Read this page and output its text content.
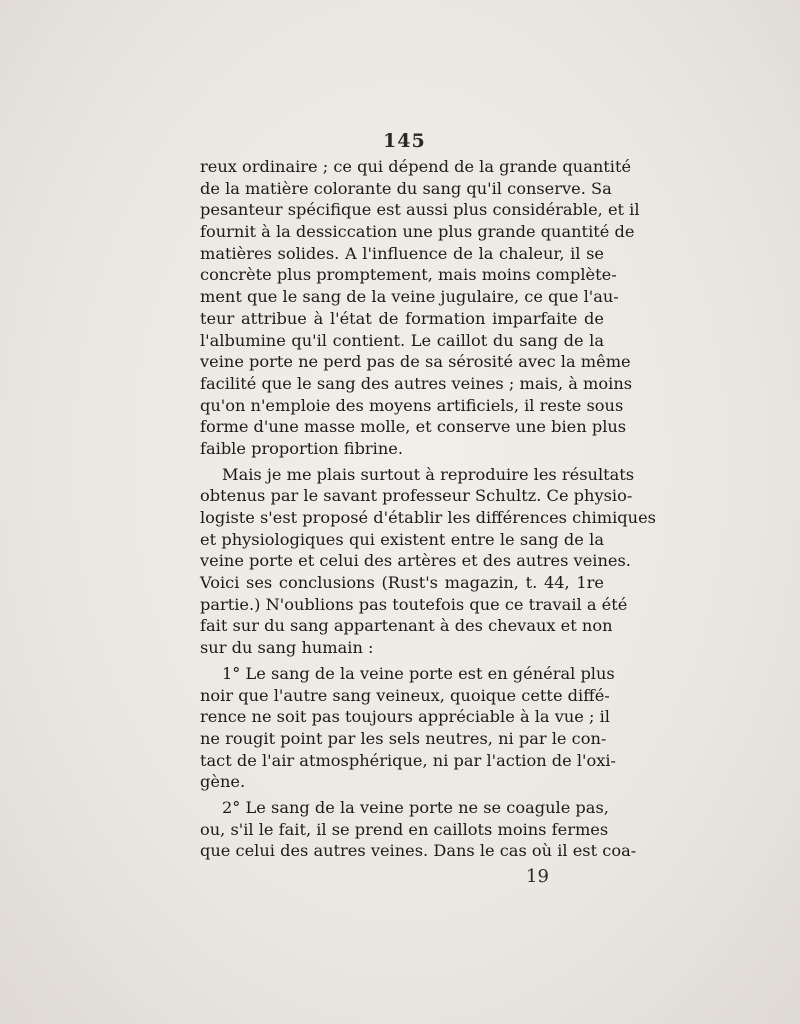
145
reux ordinaire ; ce qui dépend de la grande quantité
de la matière colorante du sang qu'il conserve. Sa
pesanteur spécifique est aussi plus considérable, et il
fournit à la dessiccation une plus grande quantité de
matières solides. A l'influence de la chaleur, il se
concrète plus promptement, mais moins complète-
ment que le sang de la veine jugulaire, ce que l'au-
teur attribue à l'état de formation imparfaite de
l'albumine qu'il contient. Le caillot du sang de la
veine porte ne perd pas de sa sérosité avec la même
facilité que le sang des autres veines ; mais, à moins
qu'on n'emploie des moyens artificiels, il reste sous
forme d'une masse molle, et conserve une bien plus
faible proportion fibrine.
Mais je me plais surtout à reproduire les résultats
obtenus par le savant professeur Schultz. Ce physio-
logiste s'est proposé d'établir les différences chimiques
et physiologiques qui existent entre le sang de la
veine porte et celui des artères et des autres veines.
Voici ses conclusions (Rust's magazin, t. 44, 1re
partie.) N'oublions pas toutefois que ce travail a été
fait sur du sang appartenant à des chevaux et non
sur du sang humain :
1° Le sang de la veine porte est en général plus
noir que l'autre sang veineux, quoique cette diffé-
rence ne soit pas toujours appréciable à la vue ; il
ne rougit point par les sels neutres, ni par le con-
tact de l'air atmosphérique, ni par l'action de l'oxi-
gène.
2° Le sang de la veine porte ne se coagule pas,
ou, s'il le fait, il se prend en caillots moins fermes
que celui des autres veines. Dans le cas où il est coa-
19
